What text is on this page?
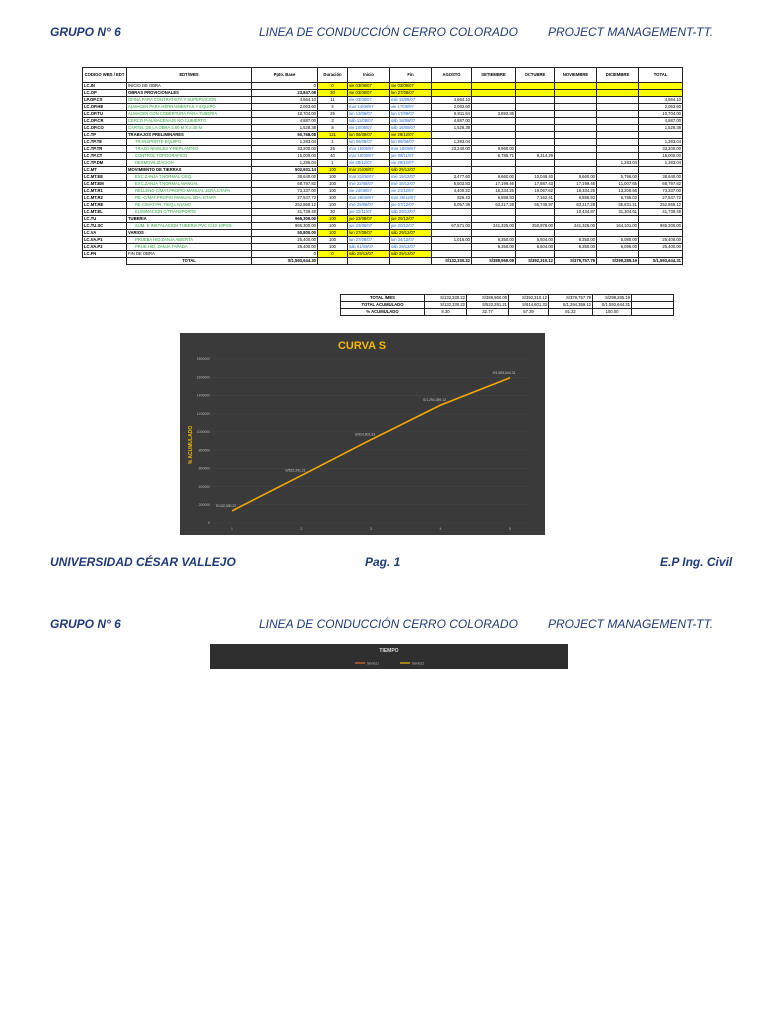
GRUPO N° 6	LINEA DE CONDUCCIÓN CERRO COLORADO	PROJECT MANAGEMENT-TT.
CODIGO WBS / EDT	EDT/WBS	Ppto. Base	Duración	Inicio	Fin	AGOSTO	SETIEMBRE	OCTUBRE	NOVIEMBRE	DICIEMBRE	TOTAL
LC.IN	INICIO DE OBRA	0	0	vie 03/08/07	vie 03/08/07						
LC.OP	OBRAS PROVICIONALES	23,847.08	30	vie 03/08/07	lun 27/08/07						
LP.OP.CS	OFINA PARA CONTRATISTA Y SUPERVICIÓN	4,664.10	11	vie 03/08/07	mié 15/08/07	4,664.10					4,664.10
LC.OP.HE	ALMACEN PARA HERRAMIENTAS Y EQUIPO	2,063.60	4	mar 14/08/07	vie 17/08/07	2,063.60					2,063.60
LC.OP.TU	ALMACEN CON COBERTURA PARA TUBERIA	10,704.00	25	lun 13/08/07	lun 17/09/07	6,811.64	3,892.36				10,704.00
LC.OP.CR	CERCO P/ALMACENAJE NO CUBIERTO	4,887.00	3	sáb 11/08/07	sáb 18/08/07	4,887.00					4,887.00
LC.OP.CO	CARTEL DE LA OBRA 3.60 M X 2.40 M	1,528.38	8	vie 10/08/07	sáb 18/08/07	1,528.38					1,528.38
LC.TP	TRABAJOS PRELIMINARES	50,768.08	121	lun 06/08/07	vie 28/12/07						
LC.TP.TE	TRANSPORTE EQUIPO	1,283.04	1	lun 06/08/07	lun 06/08/07	1,283.04					1,283.04
LC.TP.TR	TRAZO NIVELES Y REPLANTEO	33,200.00	26	mar 15/08/07	mar 18/09/07	23,240.00	9,960.00				33,200.00
LC.TP.CT	CONTROL TOPOGRAFICO	15,000.00	40	mar 18/09/07	jue 08/11/07		6,785.71	8,214.29			15,000.00
LC.TP.DM	DESMOVILIZACION	1,285.04	1	vie 28/12/07	vie 28/12/07					1,283.04	1,283.04
LC.MT	MOVIMIENTO DE TIERRAS	502,931.14	100	mar 21/08/07	sáb 29/12/07						
LC.MT.EE	EXC.ZANJA T.NORMAL C/EQ.	38,640.00	100	mar 21/08/07	mié 19/12/07	3,477.60	9,660.00	10,046.40	9,660.00	5,796.00	38,640.00
LC.MT.EM	EXC.ZANJA T.NORMAL MANUAL	68,797.82	100	mié 22/08/07	mié 19/12/07	5,503.83	17,199.46	17,887.43	17,199.46	11,007.65	68,797.82
LC.MT.R1	RELLENO C/MAT.PROPIO MANUAL 1ERA.ETAPA	73,337.00	100	vie 24/08/07	vie 21/12/07	4,400.22	18,334.25	19,067.62	18,334.25	13,200.66	73,337.00
LC.MT.R2	RE.-C/MAT.PROPIO MANUAL 2DA. ETAPA	27,547.72	100	mar 28/08/07	mar 25/12/07	826.43	6,886.93	7,162.41	6,886.93	5,785.02	27,547.72
LC.MT.RE	RE.C/MAT.PR. T/EQ.LIVIANO	252,869.12	100	mié 29/08/07	jue 27/12/07	5,057.38	63,217.28	65,745.97	63,217.28	55,631.21	252,869.12
LC.MT.EL	ELIMINACION C/TRANSPORTE	41,739.48	30	jue 22/11/07	sáb 29/12/07				10,434.87	31,304.61	41,739.48
LC.TU	TUBERIA	965,300.00	100	jue 23/08/07	jue 20/12/07						
LC.TU.SC	SUM. E INSTALACION TUBERIA PVC C/10 10PGS.	965,300.00	100	jue 23/08/07	jue 20/12/07	67,571.00	241,325.00	250,978.00	241,325.00	164,101.00	965,300.00
LC.VA	VARIOS	50,800.00	100	lun 27/08/07	sáb 29/12/07						
LC.VA.P1	PRUEBA HID.ZANJA ABIERTA	25,400.00	100	lun 27/08/07	lun 24/12/07	1,016.00	6,350.00	6,604.00	6,350.00	5,080.00	25,400.00
LC.VA.P2	PRUE.HID. ZANJA TAPADA	25,400.00	100	sáb 01/09/07	sáb 29/12/07		6,350.00	6,604.00	6,350.00	6,096.00	25,400.00
LC.FN	FIN DE OBRA	0	0	sáb 29/12/07	sáb 29/12/07						
	TOTAL	S/1,593,644.30				S/132,330.22	S/389,960.09	S/392,310.12	S/379,757.79	S/299,285.19	S/1,593,644.31
TOTAL /MES	S/132,330.22	S/389,960.09	S/392,310.12	S/379,757.79	S/299,285.19	
TOTAL ACUMULADO	S/132,330.22	S/522,291.21	S/914,601.33	S/1,294,359.12	S/1,593,644.31	
% ACUMULADO	8.30	32.77	57.39	81.22	100.00	
CURVA S
% ACUMULADO
0
200000
400000
600000
800000
1000000
1200000
1400000
1600000
1800000
1	2	3	4	5
S/132,330.22
S/522,291.21
S/914,601.33
S/1,294,359.12
S/1,593,644.31
UNIVERSIDAD CÉSAR VALLEJO	Pag. 1	E.P Ing. Civil
GRUPO N° 6	LINEA DE CONDUCCIÓN CERRO COLORADO	PROJECT MANAGEMENT-TT.
TIEMPO
Series1	Series2
